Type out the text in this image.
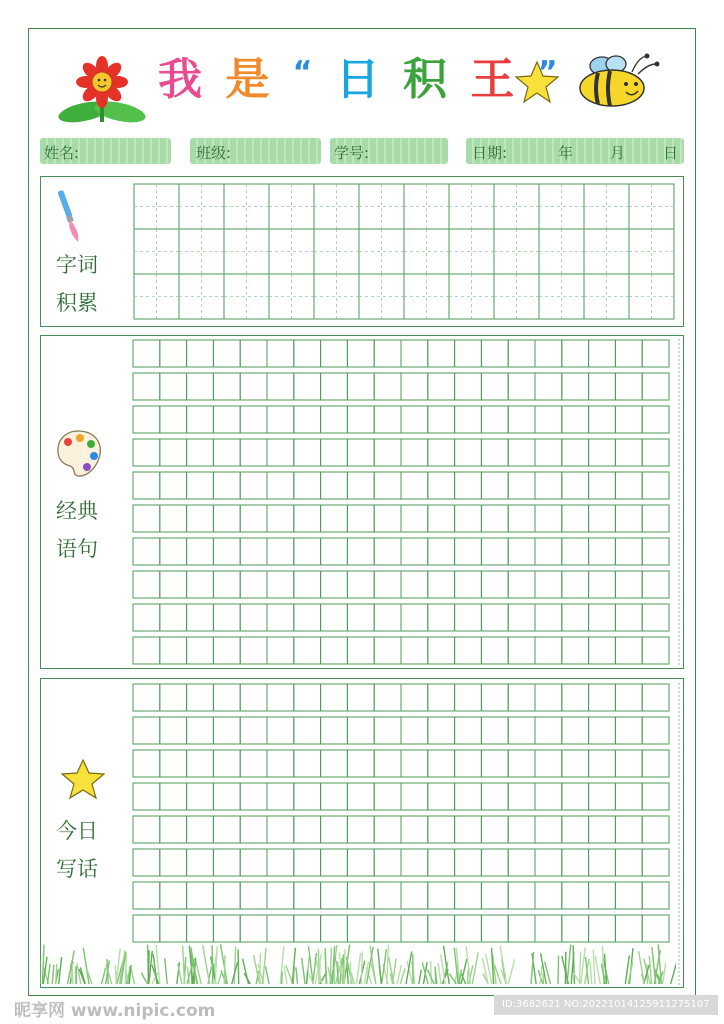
我 是 “ 日 积 王 ”
姓名:	班级:	学号:	日期:	年 月	日
字词
积累
经典
语句
今日
写话
昵享网 www.nipic.com	ID:3682621 NO:20221014125911275107
